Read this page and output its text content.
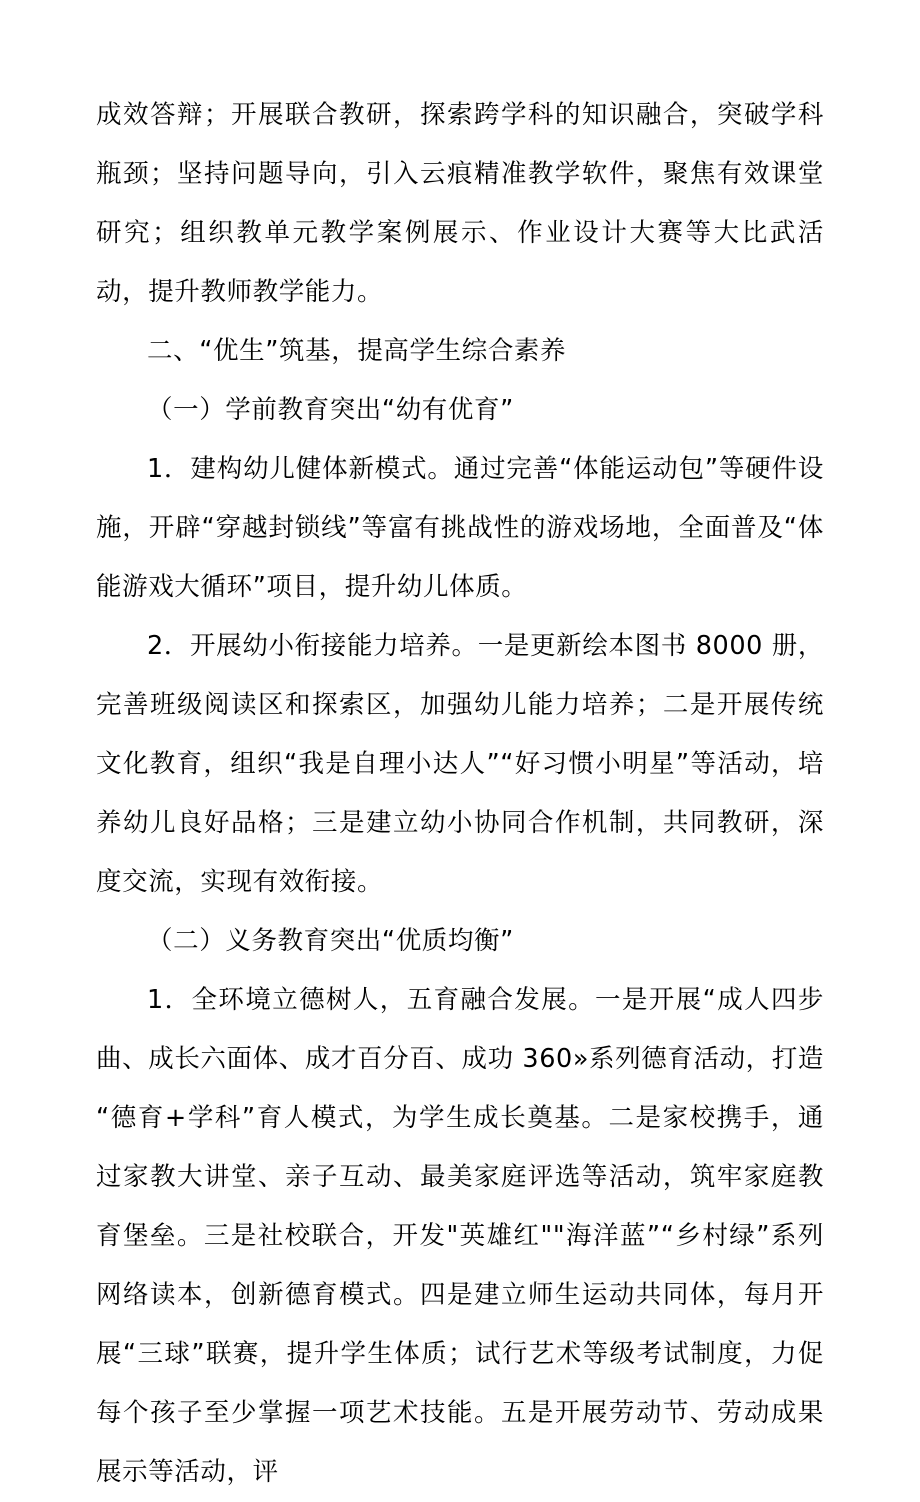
成效答辩；开展联合教研，探索跨学科的知识融合，突破学科瓶颈；坚持问题导向，引入云痕精准教学软件，聚焦有效课堂研究；组织教单元教学案例展示、作业设计大赛等大比武活动，提升教师教学能力。

二、“优生”筑基，提高学生综合素养

（一）学前教育突出“幼有优育”

1．建构幼儿健体新模式。通过完善“体能运动包”等硬件设施，开辟“穿越封锁线”等富有挑战性的游戏场地，全面普及“体能游戏大循环”项目，提升幼儿体质。

2．开展幼小衔接能力培养。一是更新绘本图书 8000 册，完善班级阅读区和探索区，加强幼儿能力培养；二是开展传统文化教育，组织“我是自理小达人”“好习惯小明星”等活动，培养幼儿良好品格；三是建立幼小协同合作机制，共同教研，深度交流，实现有效衔接。

（二）义务教育突出“优质均衡”

1．全环境立德树人，五育融合发展。一是开展“成人四步曲、成长六面体、成才百分百、成功 360»系列德育活动，打造“德育+学科”育人模式，为学生成长奠基。二是家校携手，通过家教大讲堂、亲子互动、最美家庭评选等活动，筑牢家庭教育堡垒。三是社校联合，开发"英雄红""海洋蓝”“乡村绿”系列网络读本，创新德育模式。四是建立师生运动共同体，每月开展“三球”联赛，提升学生体质；试行艺术等级考试制度，力促每个孩子至少掌握一项艺术技能。五是开展劳动节、劳动成果展示等活动，评
